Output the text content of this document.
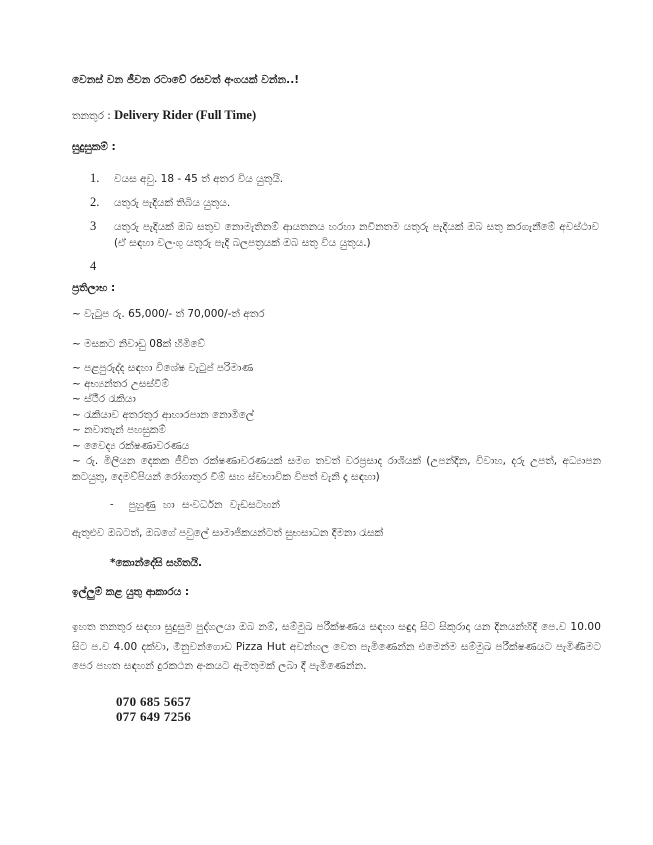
වෙනස් වන ජීවන රටාවේ රසවත් අංගයක් වන්න..!

තනතුර : Delivery Rider (Full Time)

සුදුසුකම් :

1.	වයස අවු. 18 - 45 ත් අතර විය යුතුයි.
2.	යතුරු පැදියක් තිබිය යුතුය.
3	යතුරු පැදියක් ඔබ සතුව නොමැතිනම් ආයතනය හරහා නවීනතම යතුරු පැදියක් ඔබ සතු කරගැනීමේ අවස්ථාව (ඒ සඳහා වලංගු යතුරු පැදි බලපත්‍රයක් ඔබ සතු විය යුතුය.)
4

ප්‍රතිලාභ :

~ වැටුප රු. 65,000/- ත් 70,000/-ත් අතර
~ මසකට නිවාඩු 08ක් හිමිවේ
~ පළපුරුද්ද සඳහා විශේෂ වැටුප් පරිමාණ
~ අභ්‍යන්තර උසස්වීම්
~ ස්ථීර රැකියා
~ රැකියාව අතරතුර ආහාරපාන නොමිලේ
~ නවාතැන් පහසුකම්
~ වෛද්‍ය රක්ෂණාවරණය
~ රු. මිලියන දෙකක ජීවිත රක්ෂණාවරණයක් සමග තවත් වරප්‍රසාද රාශියක් (උපන්දින, විවාහ, දරු උපත්, අධ්‍යාපන කටයුතු, දෙමව්පියන් රෝගාතුර වීම් සහ ස්වභාවික විපත් වැනි දෑ සඳහා)
- පුහුණු හා සංවර්ධන වැඩසටහන්

ඇතුළුව ඔබටත්, ඔබගේ පවුලේ සාමාජිකයන්ටත් සුභසාධන දීමනා රැසක්

*කොන්දේසි සහිතයි.

ඉල්ලුම් කළ යුතු ආකාරය :

ඉහත තනතුර සඳහා සුදුසුම පුද්ගලයා ඔබ නම්, සම්මුඛ පරීක්ෂණය සඳහා සඳුදා සිට සිකුරාදා යන දිනයන්හිදී පෙ.ව 10.00 සිට ප.ව 4.00 දක්වා, මීනුවන්ගොඩ Pizza Hut අවන්හල වෙත පැමිණෙන්න එමෙන්ම සම්මුඛ පරීක්ෂණයට පැමිණීමට පෙර පහත සඳහන් දුරකථන අංකයට ඇමතුමක් ලබා දී පැමිණෙන්න.

070 685 5657
077 649 7256
